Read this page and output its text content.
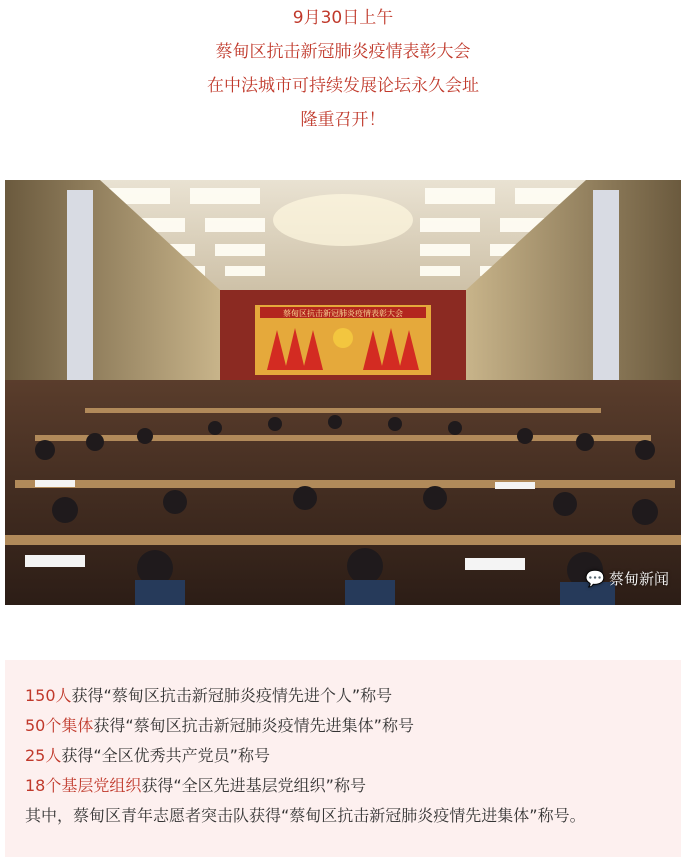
9月30日上午
蔡甸区抗击新冠肺炎疫情表彰大会
在中法城市可持续发展论坛永久会址
隆重召开！
蔡甸区抗击新冠肺炎疫情表彰大会
💬 蔡甸新闻
150人获得“蔡甸区抗击新冠肺炎疫情先进个人”称号
50个集体获得“蔡甸区抗击新冠肺炎疫情先进集体”称号
25人获得“全区优秀共产党员”称号
18个基层党组织获得“全区先进基层党组织”称号
其中，蔡甸区青年志愿者突击队获得“蔡甸区抗击新冠肺炎疫情先进集体”称号。
